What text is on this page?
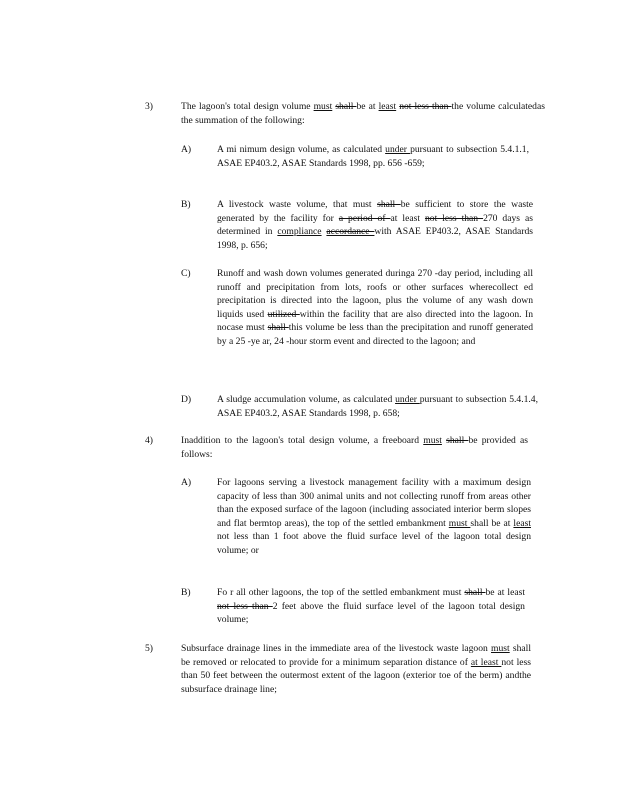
3)	The lagoon's total design volume must shall be at least not less than the volume calculatedas the summation of the following:
A)	A mi nimum design volume, as calculated under pursuant to subsection 5.4.1.1, ASAE EP403.2, ASAE Standards 1998, pp. 656 -659;
B)	A livestock waste volume, that must shall be sufficient to store the waste generated by the facility for a period of at least not less than 270 days as determined in compliance accordance with ASAE EP403.2, ASAE Standards 1998, p. 656;
C)	Runoff and wash down volumes generated duringa 270 -day period, including all runoff and precipitation from lots, roofs or other surfaces wherecollect ed precipitation is directed into the lagoon, plus the volume of any wash down liquids used utilized within the facility that are also directed into the lagoon. In nocase must shall this volume be less than the precipitation and runoff generated by a 25 -ye ar, 24 -hour storm event and directed to the lagoon; and
D)	A sludge accumulation volume, as calculated under pursuant to subsection 5.4.1.4, ASAE EP403.2, ASAE Standards 1998, p. 658;
4)	Inaddition to the lagoon's total design volume, a freeboard must shall be provided as follows:
A)	For lagoons serving a livestock management facility with a maximum design capacity of less than 300 animal units and not collecting runoff from areas other than the exposed surface of the lagoon (including associated interior berm slopes and flat bermtop areas), the top of the settled embankment must shall be at least not less than 1 foot above the fluid surface level of the lagoon total design volume; or
B)	Fo r all other lagoons, the top of the settled embankment must shall be at least not less than 2 feet above the fluid surface level of the lagoon total design volume;
5)	Subsurface drainage lines in the immediate area of the livestock waste lagoon must shall be removed or relocated to provide for a minimum separation distance of at least not less than 50 feet between the outermost extent of the lagoon (exterior toe of the berm) andthe subsurface drainage line;
